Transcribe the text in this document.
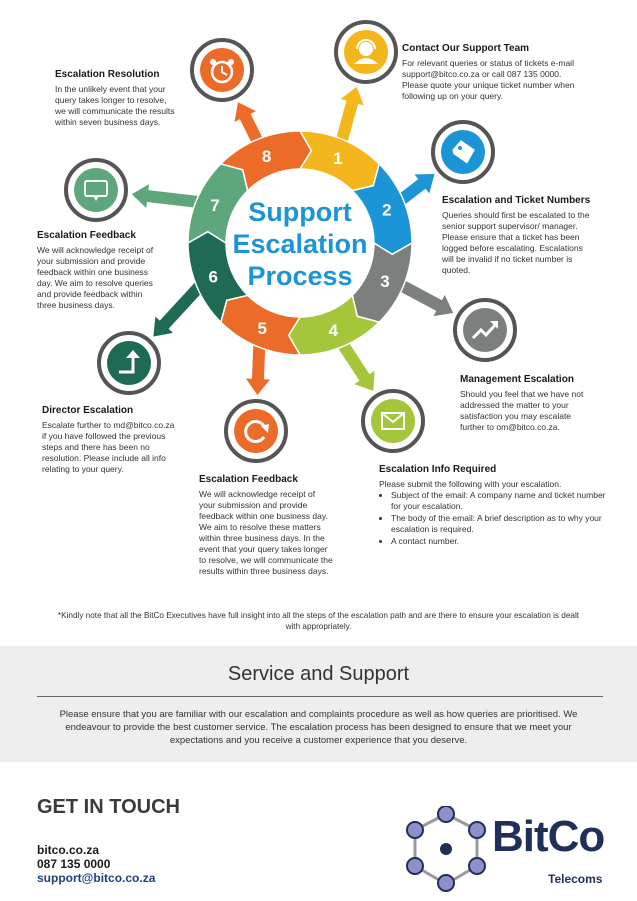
1
2
3
4
5
6
7
8
Support
Escalation
Process
Contact Our Support Team
For relevant queries or status of tickets e-mail
support@bitco.co.za or call 087 135 0000.
Please quote your unique ticket number when
following up on your query.
Escalation and Ticket Numbers
Queries should first be escalated to the
senior support supervisor/ manager.
Please ensure that a ticket has been
logged before escalating. Escalations
will be invalid if no ticket number is
quoted.
Management Escalation
Should you feel that we have not
addressed the matter to your
satisfaction you may escalate
further to om@bitco.co.za.
Escalation Info Required
Please submit the following with your escalation.
• Subject of the email: A company name and ticket number for your escalation.
• The body of the email: A brief description as to why your escalation is required.
• A contact number.
Escalation Feedback
We will acknowledge receipt of
your submission and provide
feedback within one business day.
We aim to resolve these matters
within three business days. In the
event that your query takes longer
to resolve, we will communicate the
results within three business days.
Director Escalation
Escalate further to md@bitco.co.za
if you have followed the previous
steps and there has been no
resolution. Please include all info
relating to your query.
Escalation Feedback
We will acknowledge receipt of
your submission and provide
feedback within one business
day. We aim to resolve queries
and provide feedback within
three business days.
Escalation Resolution
In the unlikely event that your
query takes longer to resolve,
we will communicate the results
within seven business days.
*Kindly note that all the BitCo Executives have full insight into all the steps of the escalation path and are there to ensure your escalation is dealt with appropriately.
Service and Support
Please ensure that you are familiar with our escalation and complaints procedure as well as how queries are prioritised. We endeavour to provide the best customer service. The escalation process has been designed to ensure that we meet your expectations and you receive a customer experience that you deserve.
GET IN TOUCH
bitco.co.za
087 135 0000
support@bitco.co.za
BitCo
Telecoms
